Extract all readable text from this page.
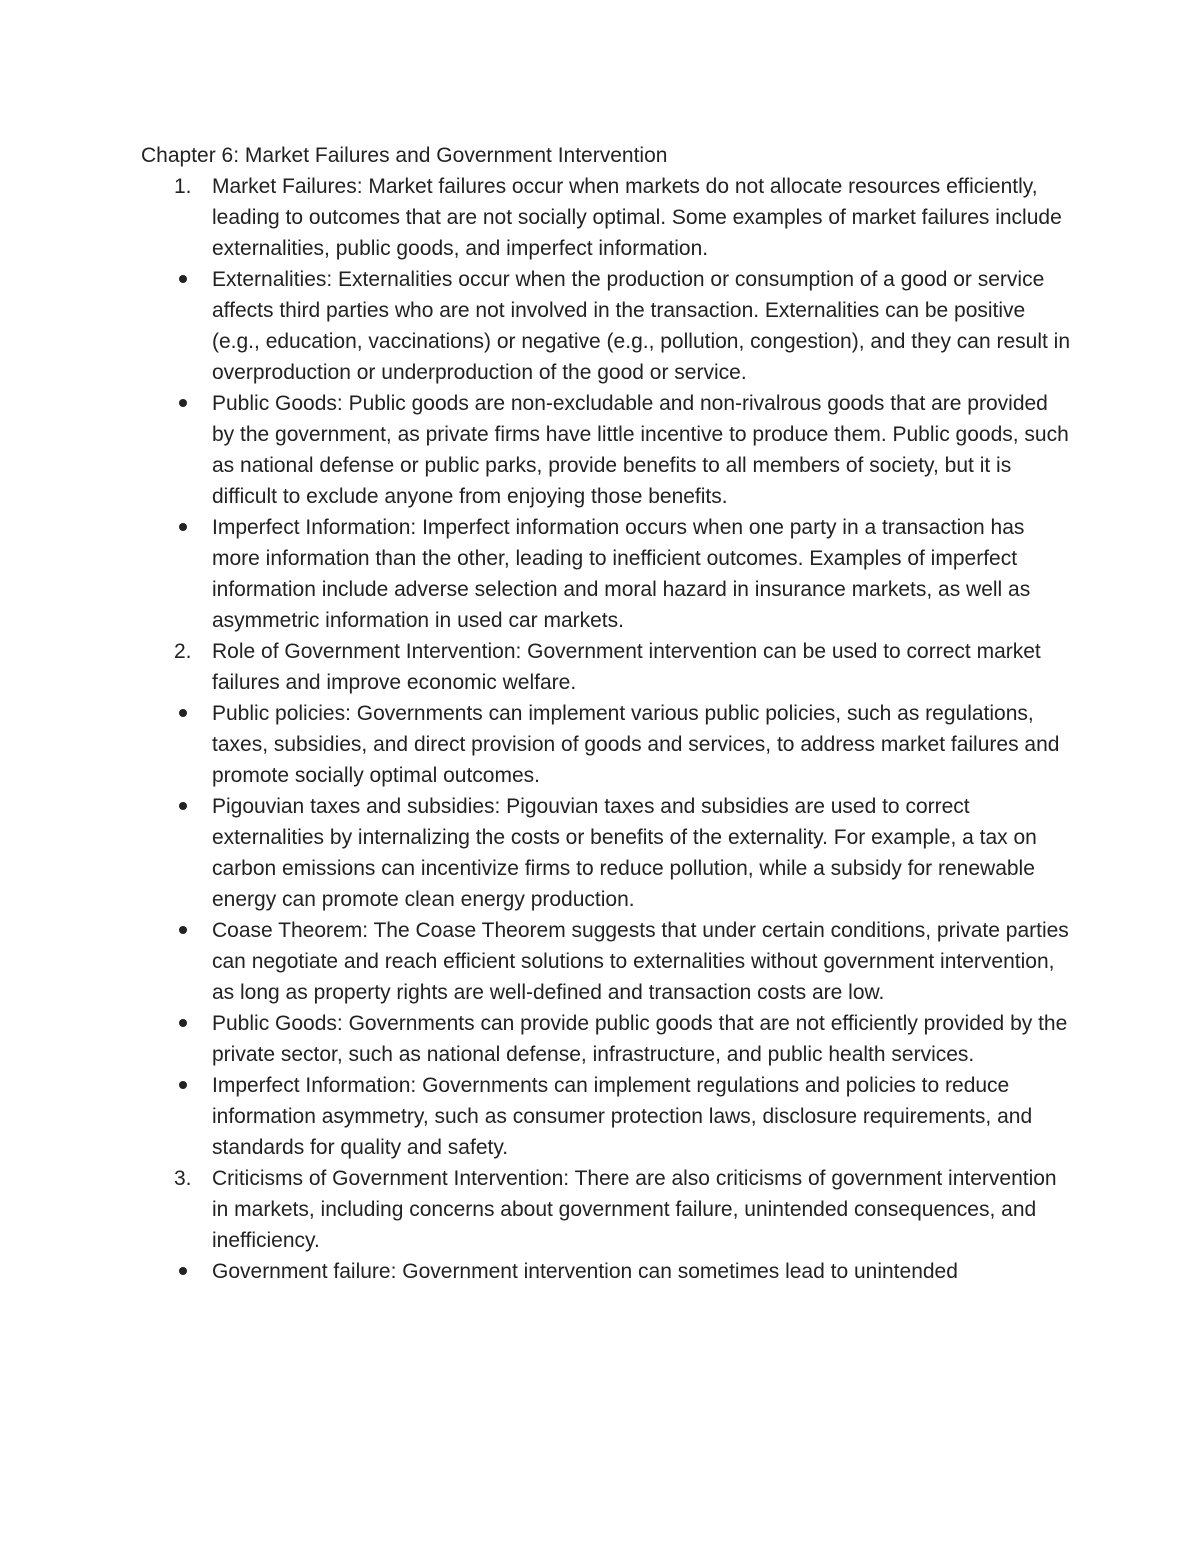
Chapter 6: Market Failures and Government Intervention

1. Market Failures: Market failures occur when markets do not allocate resources efficiently, leading to outcomes that are not socially optimal. Some examples of market failures include externalities, public goods, and imperfect information.
Externalities: Externalities occur when the production or consumption of a good or service affects third parties who are not involved in the transaction. Externalities can be positive (e.g., education, vaccinations) or negative (e.g., pollution, congestion), and they can result in overproduction or underproduction of the good or service.
Public Goods: Public goods are non-excludable and non-rivalrous goods that are provided by the government, as private firms have little incentive to produce them. Public goods, such as national defense or public parks, provide benefits to all members of society, but it is difficult to exclude anyone from enjoying those benefits.
Imperfect Information: Imperfect information occurs when one party in a transaction has more information than the other, leading to inefficient outcomes. Examples of imperfect information include adverse selection and moral hazard in insurance markets, as well as asymmetric information in used car markets.
2. Role of Government Intervention: Government intervention can be used to correct market failures and improve economic welfare.
Public policies: Governments can implement various public policies, such as regulations, taxes, subsidies, and direct provision of goods and services, to address market failures and promote socially optimal outcomes.
Pigouvian taxes and subsidies: Pigouvian taxes and subsidies are used to correct externalities by internalizing the costs or benefits of the externality. For example, a tax on carbon emissions can incentivize firms to reduce pollution, while a subsidy for renewable energy can promote clean energy production.
Coase Theorem: The Coase Theorem suggests that under certain conditions, private parties can negotiate and reach efficient solutions to externalities without government intervention, as long as property rights are well-defined and transaction costs are low.
Public Goods: Governments can provide public goods that are not efficiently provided by the private sector, such as national defense, infrastructure, and public health services.
Imperfect Information: Governments can implement regulations and policies to reduce information asymmetry, such as consumer protection laws, disclosure requirements, and standards for quality and safety.
3. Criticisms of Government Intervention: There are also criticisms of government intervention in markets, including concerns about government failure, unintended consequences, and inefficiency.
Government failure: Government intervention can sometimes lead to unintended
